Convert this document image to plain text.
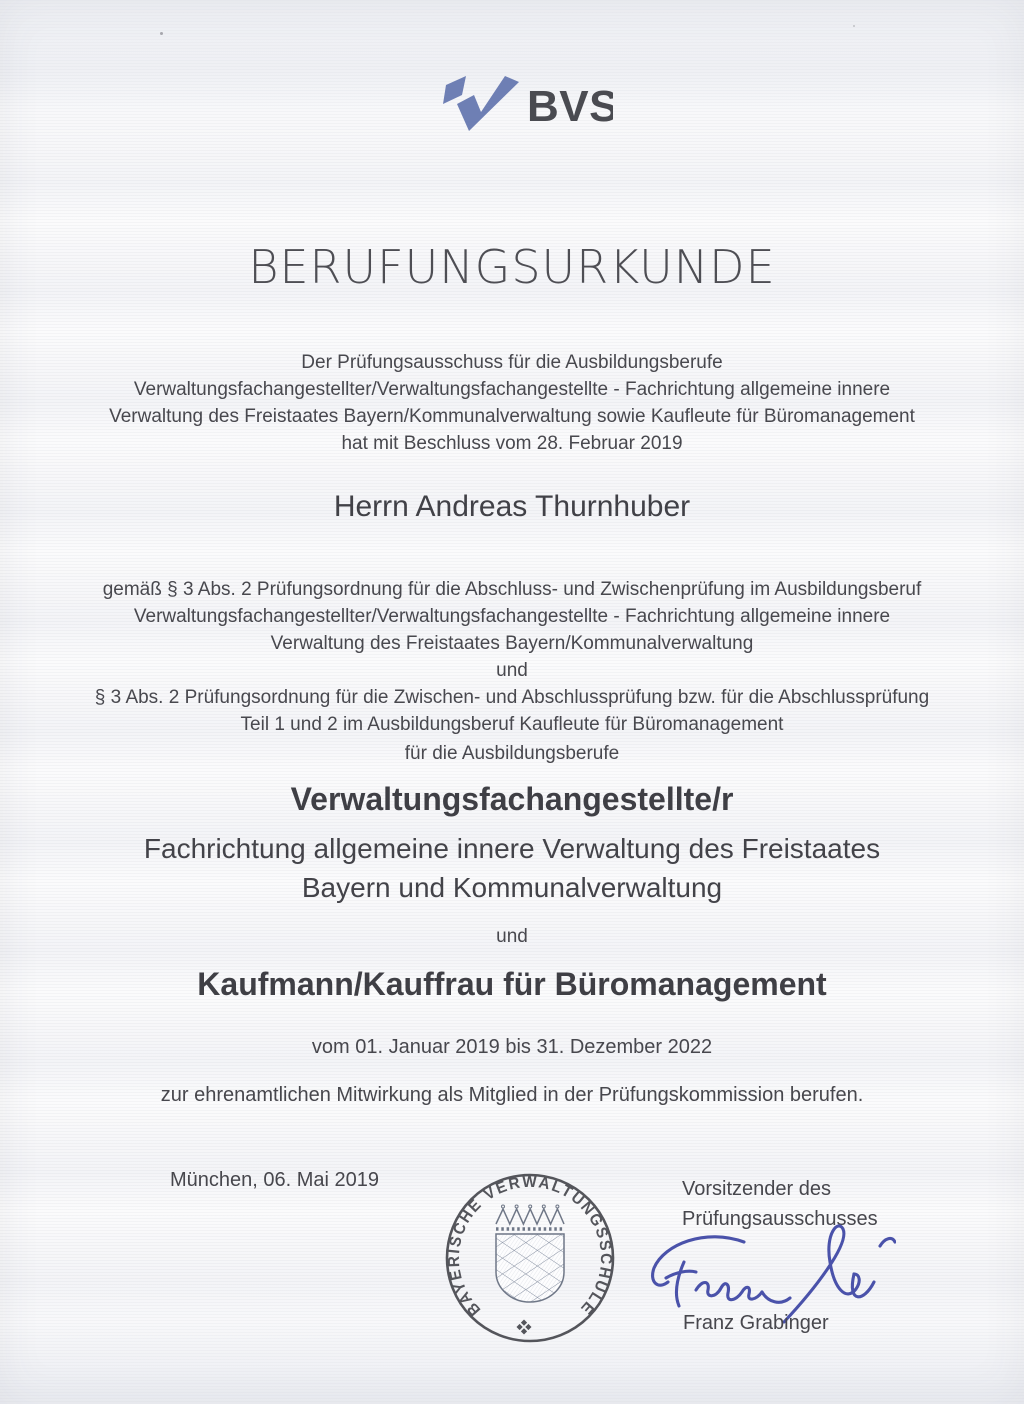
BVS
BERUFUNGSURKUNDE
Der Prüfungsausschuss für die Ausbildungsberufe
Verwaltungsfachangestellter/Verwaltungsfachangestellte - Fachrichtung allgemeine innere
Verwaltung des Freistaates Bayern/Kommunalverwaltung sowie Kaufleute für Büromanagement
hat mit Beschluss vom 28. Februar 2019
Herrn Andreas Thurnhuber
gemäß § 3 Abs. 2 Prüfungsordnung für die Abschluss- und Zwischenprüfung im Ausbildungsberuf
Verwaltungsfachangestellter/Verwaltungsfachangestellte - Fachrichtung allgemeine innere
Verwaltung des Freistaates Bayern/Kommunalverwaltung
und
§ 3 Abs. 2 Prüfungsordnung für die Zwischen- und Abschlussprüfung bzw. für die Abschlussprüfung
Teil 1 und 2 im Ausbildungsberuf Kaufleute für Büromanagement
für die Ausbildungsberufe
Verwaltungsfachangestellte/r
Fachrichtung allgemeine innere Verwaltung des Freistaates
Bayern und Kommunalverwaltung
und
Kaufmann/Kauffrau für Büromanagement
vom 01. Januar 2019 bis 31. Dezember 2022
zur ehrenamtlichen Mitwirkung als Mitglied in der Prüfungskommission berufen.
München, 06. Mai 2019
BAYERISCHE VERWALTUNGSSCHULE
Vorsitzender des
Prüfungsausschusses
Franz Grabinger
